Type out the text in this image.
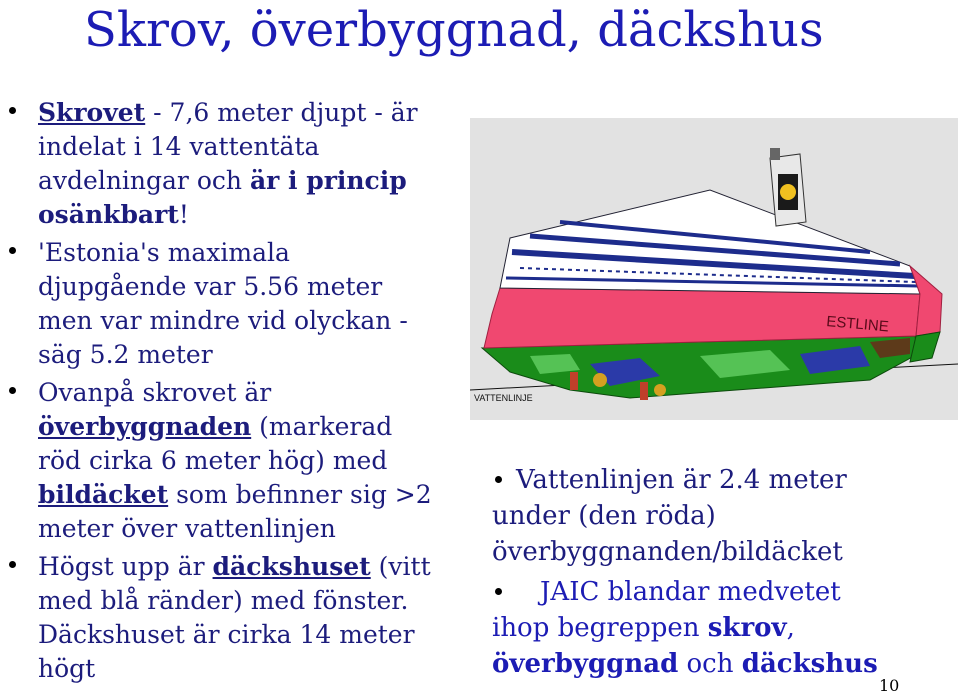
Skrov, överbyggnad, däckshus
Skrovet - 7,6 meter djupt - är
indelat i 14 vattentäta
avdelningar och är i princip
osänkbart!
'Estonia's maximala
djupgående var 5.56 meter
men var mindre vid olyckan -
säg 5.2 meter
Ovanpå skrovet är
överbyggnaden (markerad
röd cirka 6 meter hög) med
bildäcket som befinner sig >2
meter över vattenlinjen
Högst upp är däckshuset (vitt
med blå ränder) med fönster.
Däckshuset är cirka 14 meter
högt
ESTLINE
VATTENLINJE
Vattenlinjen är 2.4 meter
under (den röda)
överbyggnanden/bildäcket
JAIC blandar medvetet
ihop begreppen skrov,
överbyggnad och däckshus
10
